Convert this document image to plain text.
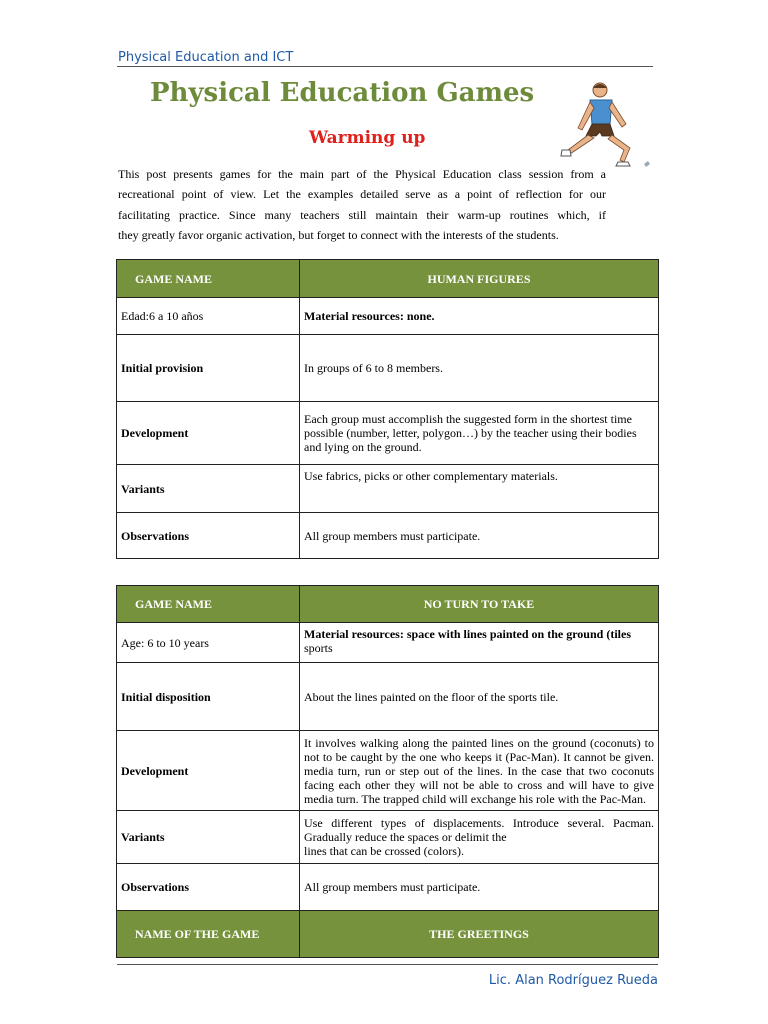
Physical Education and ICT
Physical Education Games
Warming up
This post presents games for the main part of the Physical Education class session from a
recreational point of view. Let the examples detailed serve as a point of reflection for our
facilitating practice. Since many teachers still maintain their warm-up routines which, if
they greatly favor organic activation, but forget to connect with the interests of the students.
GAME NAME	HUMAN FIGURES
Edad:6 a 10 años	Material resources: none.
Initial provision	In groups of 6 to 8 members.
Development	Each group must accomplish the suggested form in the shortest time possible (number, letter, polygon…) by the teacher using their bodies and lying on the ground.
Variants	Use fabrics, picks or other complementary materials.
Observations	All group members must participate.
GAME NAME	NO TURN TO TAKE
Age: 6 to 10 years	Material resources: space with lines painted on the ground (tiles
sports

Initial disposition	About the lines painted on the floor of the sports tile.
Development	It involves walking along the painted lines on the ground (coconuts) to not to be caught by the one who keeps it (Pac-Man). It cannot be given. media turn, run or step out of the lines. In the case that two coconuts facing each other they will not be able to cross and will have to give media turn. The trapped child will exchange his role with the Pac-Man.
Variants	Use different types of displacements. Introduce several. Pacman. Gradually reduce the spaces or delimit the
lines that can be crossed (colors).

Observations	All group members must participate.
NAME OF THE GAME	THE GREETINGS
Lic. Alan Rodríguez Rueda
